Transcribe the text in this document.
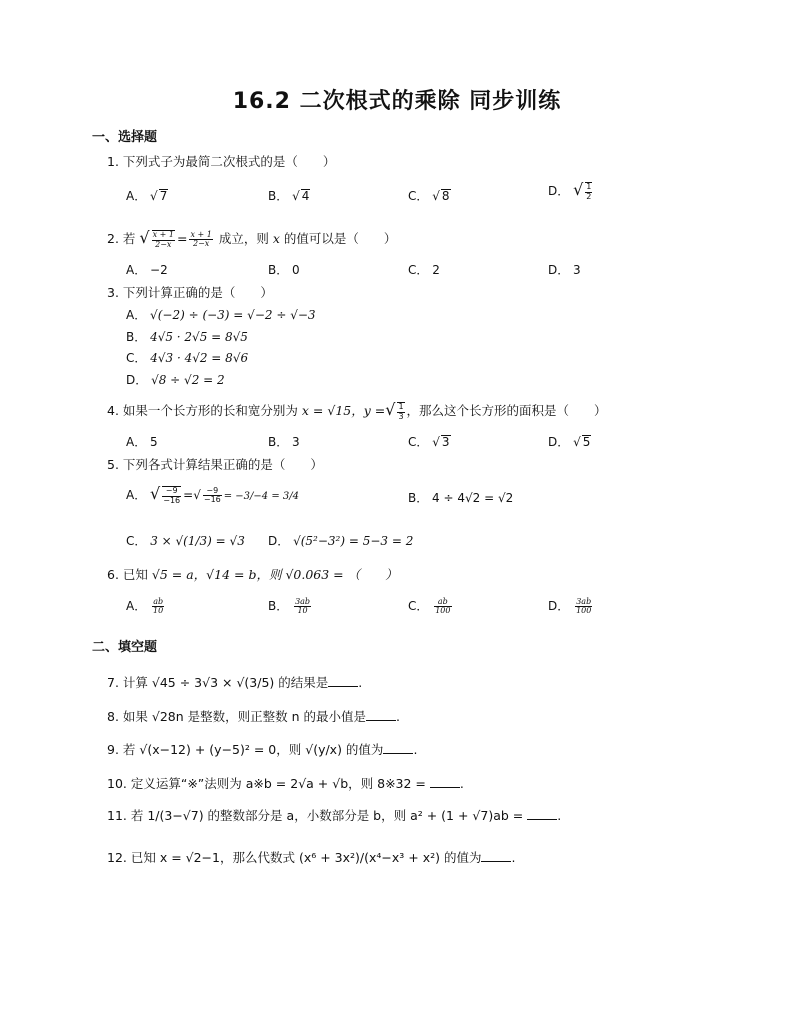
16.2 二次根式的乘除 同步训练
一、选择题
1. 下列式子为最简二次根式的是（　　）
A． √ 7	B． √ 4	C． √ 8	D． √ $\frac{1}{2}$
2. 若 √ $\frac{x + 1}{2-x} = \frac{x + 1}{2-x}$ 成立，则 x 的值可以是（　　）
A． −2	B． 0	C． 2	D． 3
3. 下列计算正确的是（　　）
A． √(−2) ÷ (−3) = √−2 ÷ √−3
B． 4√5 · 2√5 = 8√5
C． 4√3 · 4√2 = 8√6
D． √8 ÷ √2 = 2
4. 如果一个长方形的长和宽分别为 x = √15，y =√ $\frac{1}{3}$ ，那么这个长方形的面积是（　　）
A． 5	B． 3	C． √ 3	D． √ 5
5. 下列各式计算结果正确的是（　　）
A． √ $\frac{-9}{-16}$ =√ $\frac{-9}{-16} = -3/-4 = 3/4$	B． 4 ÷ 4√2 = √2
C． 3 × √(1/3) = √3 D． √(5²−3²) = 5−3 = 2
6. 已知 √5 = a，√14 = b，则 √0.063 = （　　）
A． $\frac{ab}{10}$	B． $\frac{3ab}{10}$	C． $\frac{ab}{100}$	D． $\frac{3ab}{100}$
二、填空题
7. 计算 √45 ÷ 3√3 × √(3/5) 的结果是 .
8. 如果 √28n 是整数，则正整数 n 的最小值是 .
9. 若 √(x−12) + (y−5)² = 0，则 √(y/x) 的值为 .
10. 定义运算“※”法则为 a※b = 2√a + √b，则 8※32 =	.
11. 若 1/(3−√7) 的整数部分是 a，小数部分是 b，则 a² + (1 + √7)ab =	.
12. 已知 x = √2−1，那么代数式 (x⁶ + 3x²)/(x⁴−x³ + x²) 的值为 .
